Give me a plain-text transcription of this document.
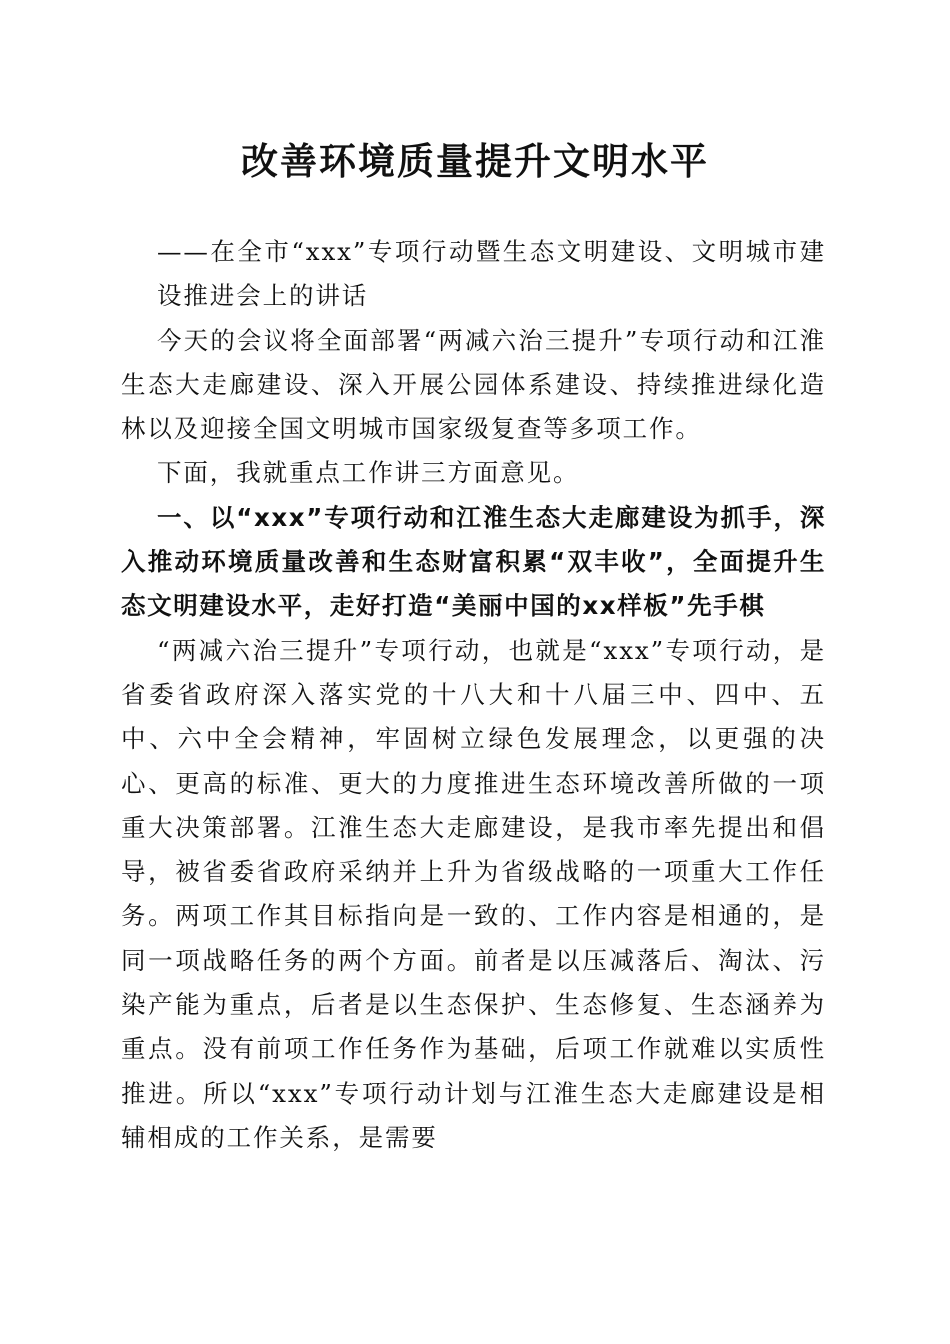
改善环境质量提升文明水平

——在全市“xxx”专项行动暨生态文明建设、文明城市建设推进会上的讲话

今天的会议将全面部署“两减六治三提升”专项行动和江淮生态大走廊建设、深入开展公园体系建设、持续推进绿化造林以及迎接全国文明城市国家级复查等多项工作。

下面，我就重点工作讲三方面意见。

一、以“xxx”专项行动和江淮生态大走廊建设为抓手，深入推动环境质量改善和生态财富积累“双丰收”，全面提升生态文明建设水平，走好打造“美丽中国的xx样板”先手棋

“两减六治三提升”专项行动，也就是“xxx”专项行动，是省委省政府深入落实党的十八大和十八届三中、四中、五中、六中全会精神，牢固树立绿色发展理念，以更强的决心、更高的标准、更大的力度推进生态环境改善所做的一项重大决策部署。江淮生态大走廊建设，是我市率先提出和倡导，被省委省政府采纳并上升为省级战略的一项重大工作任务。两项工作其目标指向是一致的、工作内容是相通的，是同一项战略任务的两个方面。前者是以压减落后、淘汰、污染产能为重点，后者是以生态保护、生态修复、生态涵养为重点。没有前项工作任务作为基础，后项工作就难以实质性推进。所以“xxx”专项行动计划与江淮生态大走廊建设是相辅相成的工作关系，是需要
